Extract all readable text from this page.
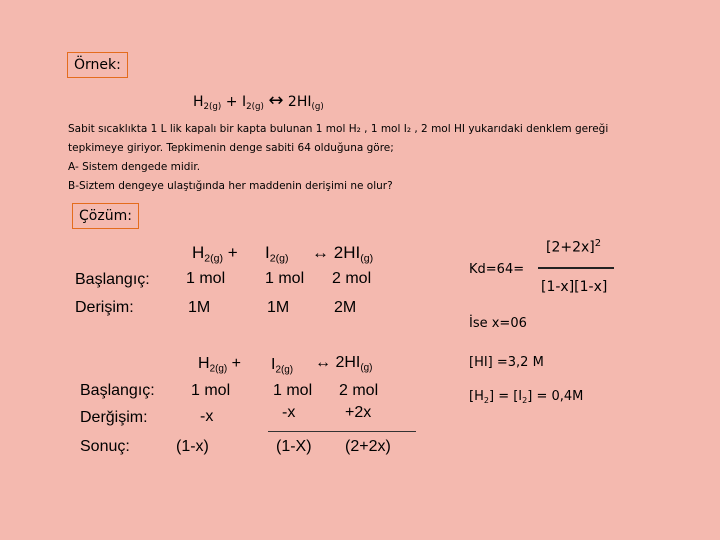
Örnek:
$H_{2(g)} + I_{2(g)}$ ↔ $2HI_{(g)}$
Sabit sıcaklıkta 1 L lik kapalı bir kapta bulunan 1 mol H₂ , 1 mol I₂ , 2 mol HI yukarıdaki denklem gereği
tepkimeye giriyor. Tepkimenin denge sabiti 64 olduğuna göre;
A- Sistem dengede midir.
B-Siztem dengeye ulaştığında her maddenin derişimi ne olur?
Çözüm:
$H_{2(g)} + I_{2(g)}$ ↔ $2HI_{(g)}$
Başlangıç: 1 mol 1 mol 2 mol
Derişim:	1M	1M	2M
Kd=64=
$[2+2x]^2$
[1-x][1-x]
İse x=06
$H_{2(g)} + I_{2(g)}$ ↔ $2HI_{(g)}$
Başlangıç: 1 mol	1 mol 2 mol
Derğişim:	-x	-x	+2x
Sonuç:	(1-x)	(1-X) (2+2x)
[HI] =3,2 M
$[H_2] = [I_2] = 0,4M$
